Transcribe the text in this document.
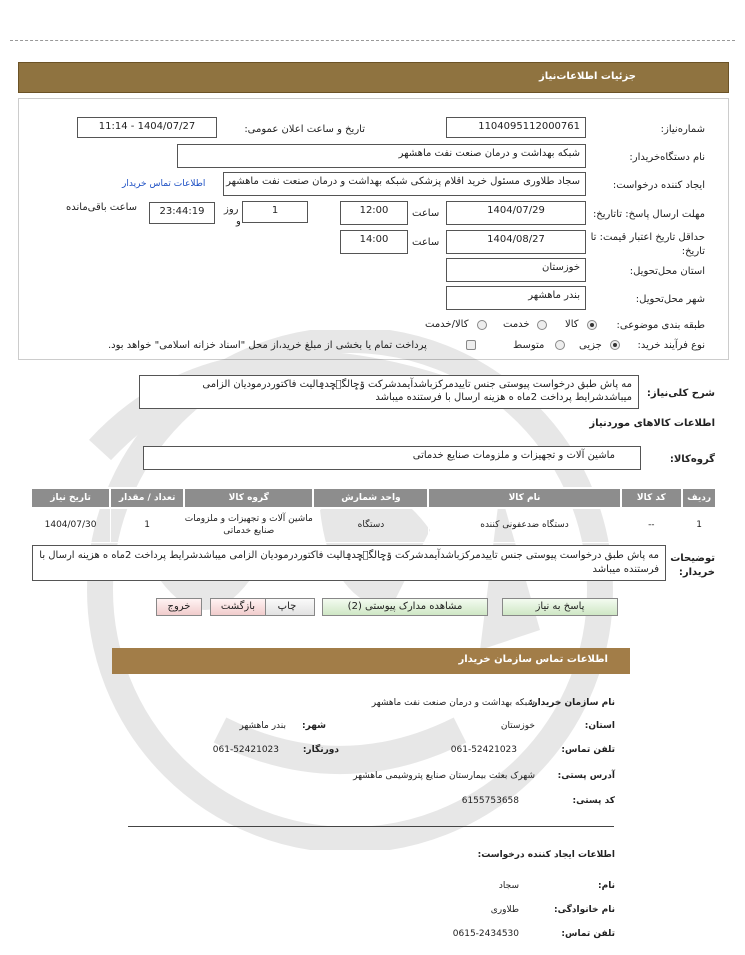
جزئیات اطلاعات‌نیاز
شماره‌نیاز:
1104095112000761
تاریخ و ساعت اعلان عمومی:
1404/07/27 - 11:14
نام دستگاه‌خریدار:
شبکه بهداشت و درمان صنعت نفت ماهشهر
ایجاد کننده درخواست:
سجاد طلاوری مسئول خرید اقلام پزشکی شبکه بهداشت و درمان صنعت نفت ماهشهر
اطلاعات تماس خریدار
مهلت ارسال پاسخ: تاتاریخ:
1404/07/29
ساعت
12:00
1
روز
و
23:44:19
ساعت باقی‌مانده
حداقل تاریخ اعتبار قیمت: تا تاریخ:
1404/08/27
ساعت
14:00
استان محل‌تحویل:
خوزستان
شهر محل‌تحویل:
بندر ماهشهر
طبقه بندی موضوعی:
کالا
خدمت
کالا/خدمت
نوع فرآیند خرید:
جزیی
متوسط
پرداخت تمام یا بخشی از مبلغ خرید،از محل "اسناد خزانه اسلامی" خواهد بود.
شرح کلی‌نیاز:
مه پاش طبق درخواست پیوستی جنس تاییدمرکزباشدآیمدشرکت ۊݘالگ۪ݘدݠالیت فاکتوردرموديان الزامی میباشدشرایط پرداخت 2ماه ه هزینه ارسال با فرستنده میباشد
اطلاعات کالاهای موردنیاز
گروه‌کالا:
ماشین آلات و تجهیزات و ملزومات صنایع خدماتی
ردیف	کد کالا	نام کالا	واحد شمارش	گروه کالا	تعداد / مقدار	تاریخ نیاز
1	--	دستگاه ضدعفونی کننده	دستگاه	ماشین آلات و تجهیزات و ملزومات صنایع خدماتی	1	1404/07/30
توضیحات خریدار:
مه پاش طبق درخواست پیوستی جنس تاییدمرکزباشدآیمدشرکت ۊݘالگ۪ݘدݠالیت فاکتوردرموديان الزامی میباشدشرایط پرداخت 2ماه ه هزینه ارسال با فرستنده میباشد
پاسخ به نیاز
مشاهده مدارک پیوستی (2)
چاپ
بازگشت
خروج
اطلاعات تماس سازمان خریدار
نام سازمان خریدار:
شبکه بهداشت و درمان صنعت نفت ماهشهر
استان:
خوزستان
شهر:
بندر ماهشهر
تلفن تماس:
061-52421023
دورنگار:
061-52421023
آدرس پستی:
شهرک بعثت بیمارستان صنایع پتروشیمی ماهشهر
کد پستی:
6155753658
اطلاعات ایجاد کننده درخواست:
نام:
سجاد
نام خانوادگی:
طلاوری
تلفن تماس:
0615-2434530
